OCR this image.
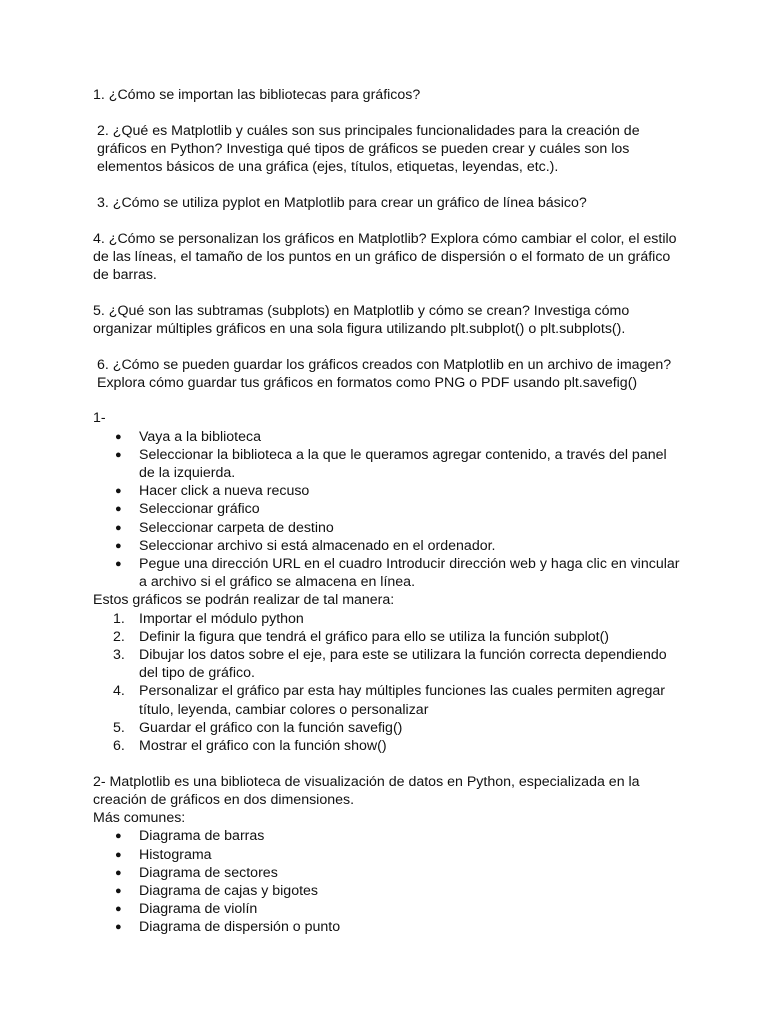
1. ¿Cómo se importan las bibliotecas para gráficos?

2. ¿Qué es Matplotlib y cuáles son sus principales funcionalidades para la creación de gráficos en Python? Investiga qué tipos de gráficos se pueden crear y cuáles son los elementos básicos de una gráfica (ejes, títulos, etiquetas, leyendas, etc.).

3. ¿Cómo se utiliza pyplot en Matplotlib para crear un gráfico de línea básico?

4. ¿Cómo se personalizan los gráficos en Matplotlib? Explora cómo cambiar el color, el estilo de las líneas, el tamaño de los puntos en un gráfico de dispersión o el formato de un gráfico de barras.

5. ¿Qué son las subtramas (subplots) en Matplotlib y cómo se crean? Investiga cómo organizar múltiples gráficos en una sola figura utilizando plt.subplot() o plt.subplots().

6. ¿Cómo se pueden guardar los gráficos creados con Matplotlib en un archivo de imagen? Explora cómo guardar tus gráficos en formatos como PNG o PDF usando plt.savefig()

1-

● Vaya a la biblioteca
● Seleccionar la biblioteca a la que le queramos agregar contenido, a través del panel de la izquierda.
● Hacer click a nueva recuso
● Seleccionar gráfico
● Seleccionar carpeta de destino
● Seleccionar archivo si está almacenado en el ordenador.
● Pegue una dirección URL en el cuadro Introducir dirección web y haga clic en vincular a archivo si el gráfico se almacena en línea.

Estos gráficos se podrán realizar de tal manera:

1. Importar el módulo python
2. Definir la figura que tendrá el gráfico para ello se utiliza la función subplot()
3. Dibujar los datos sobre el eje, para este se utilizara la función correcta dependiendo del tipo de gráfico.
4. Personalizar el gráfico par esta hay múltiples funciones las cuales permiten agregar título, leyenda, cambiar colores o personalizar
5. Guardar el gráfico con la función savefig()
6. Mostrar el gráfico con la función show()

2- Matplotlib es una biblioteca de visualización de datos en Python, especializada en la creación de gráficos en dos dimensiones.

Más comunes:

● Diagrama de barras
● Histograma
● Diagrama de sectores
● Diagrama de cajas y bigotes
● Diagrama de violín
● Diagrama de dispersión o punto
